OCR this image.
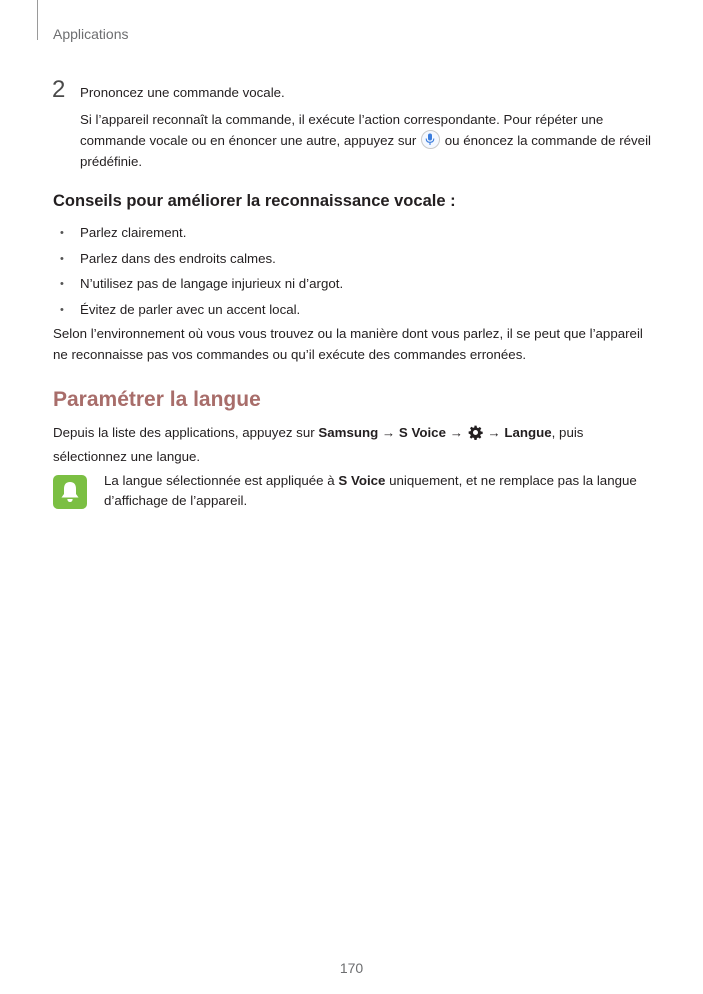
Applications
2 Prononcez une commande vocale.
Si l’appareil reconnaît la commande, il exécute l’action correspondante. Pour répéter une commande vocale ou en énoncer une autre, appuyez sur ou énoncez la commande de réveil prédéfinie.
Conseils pour améliorer la reconnaissance vocale :
• Parlez clairement.
• Parlez dans des endroits calmes.
• N’utilisez pas de langage injurieux ni d’argot.
• Évitez de parler avec un accent local.
Selon l’environnement où vous vous trouvez ou la manière dont vous parlez, il se peut que l’appareil ne reconnaisse pas vos commandes ou qu’il exécute des commandes erronées.
Paramétrer la langue
Depuis la liste des applications, appuyez sur Samsung → S Voice → → Langue, puis sélectionnez une langue.
La langue sélectionnée est appliquée à S Voice uniquement, et ne remplace pas la langue d’affichage de l’appareil.
170
